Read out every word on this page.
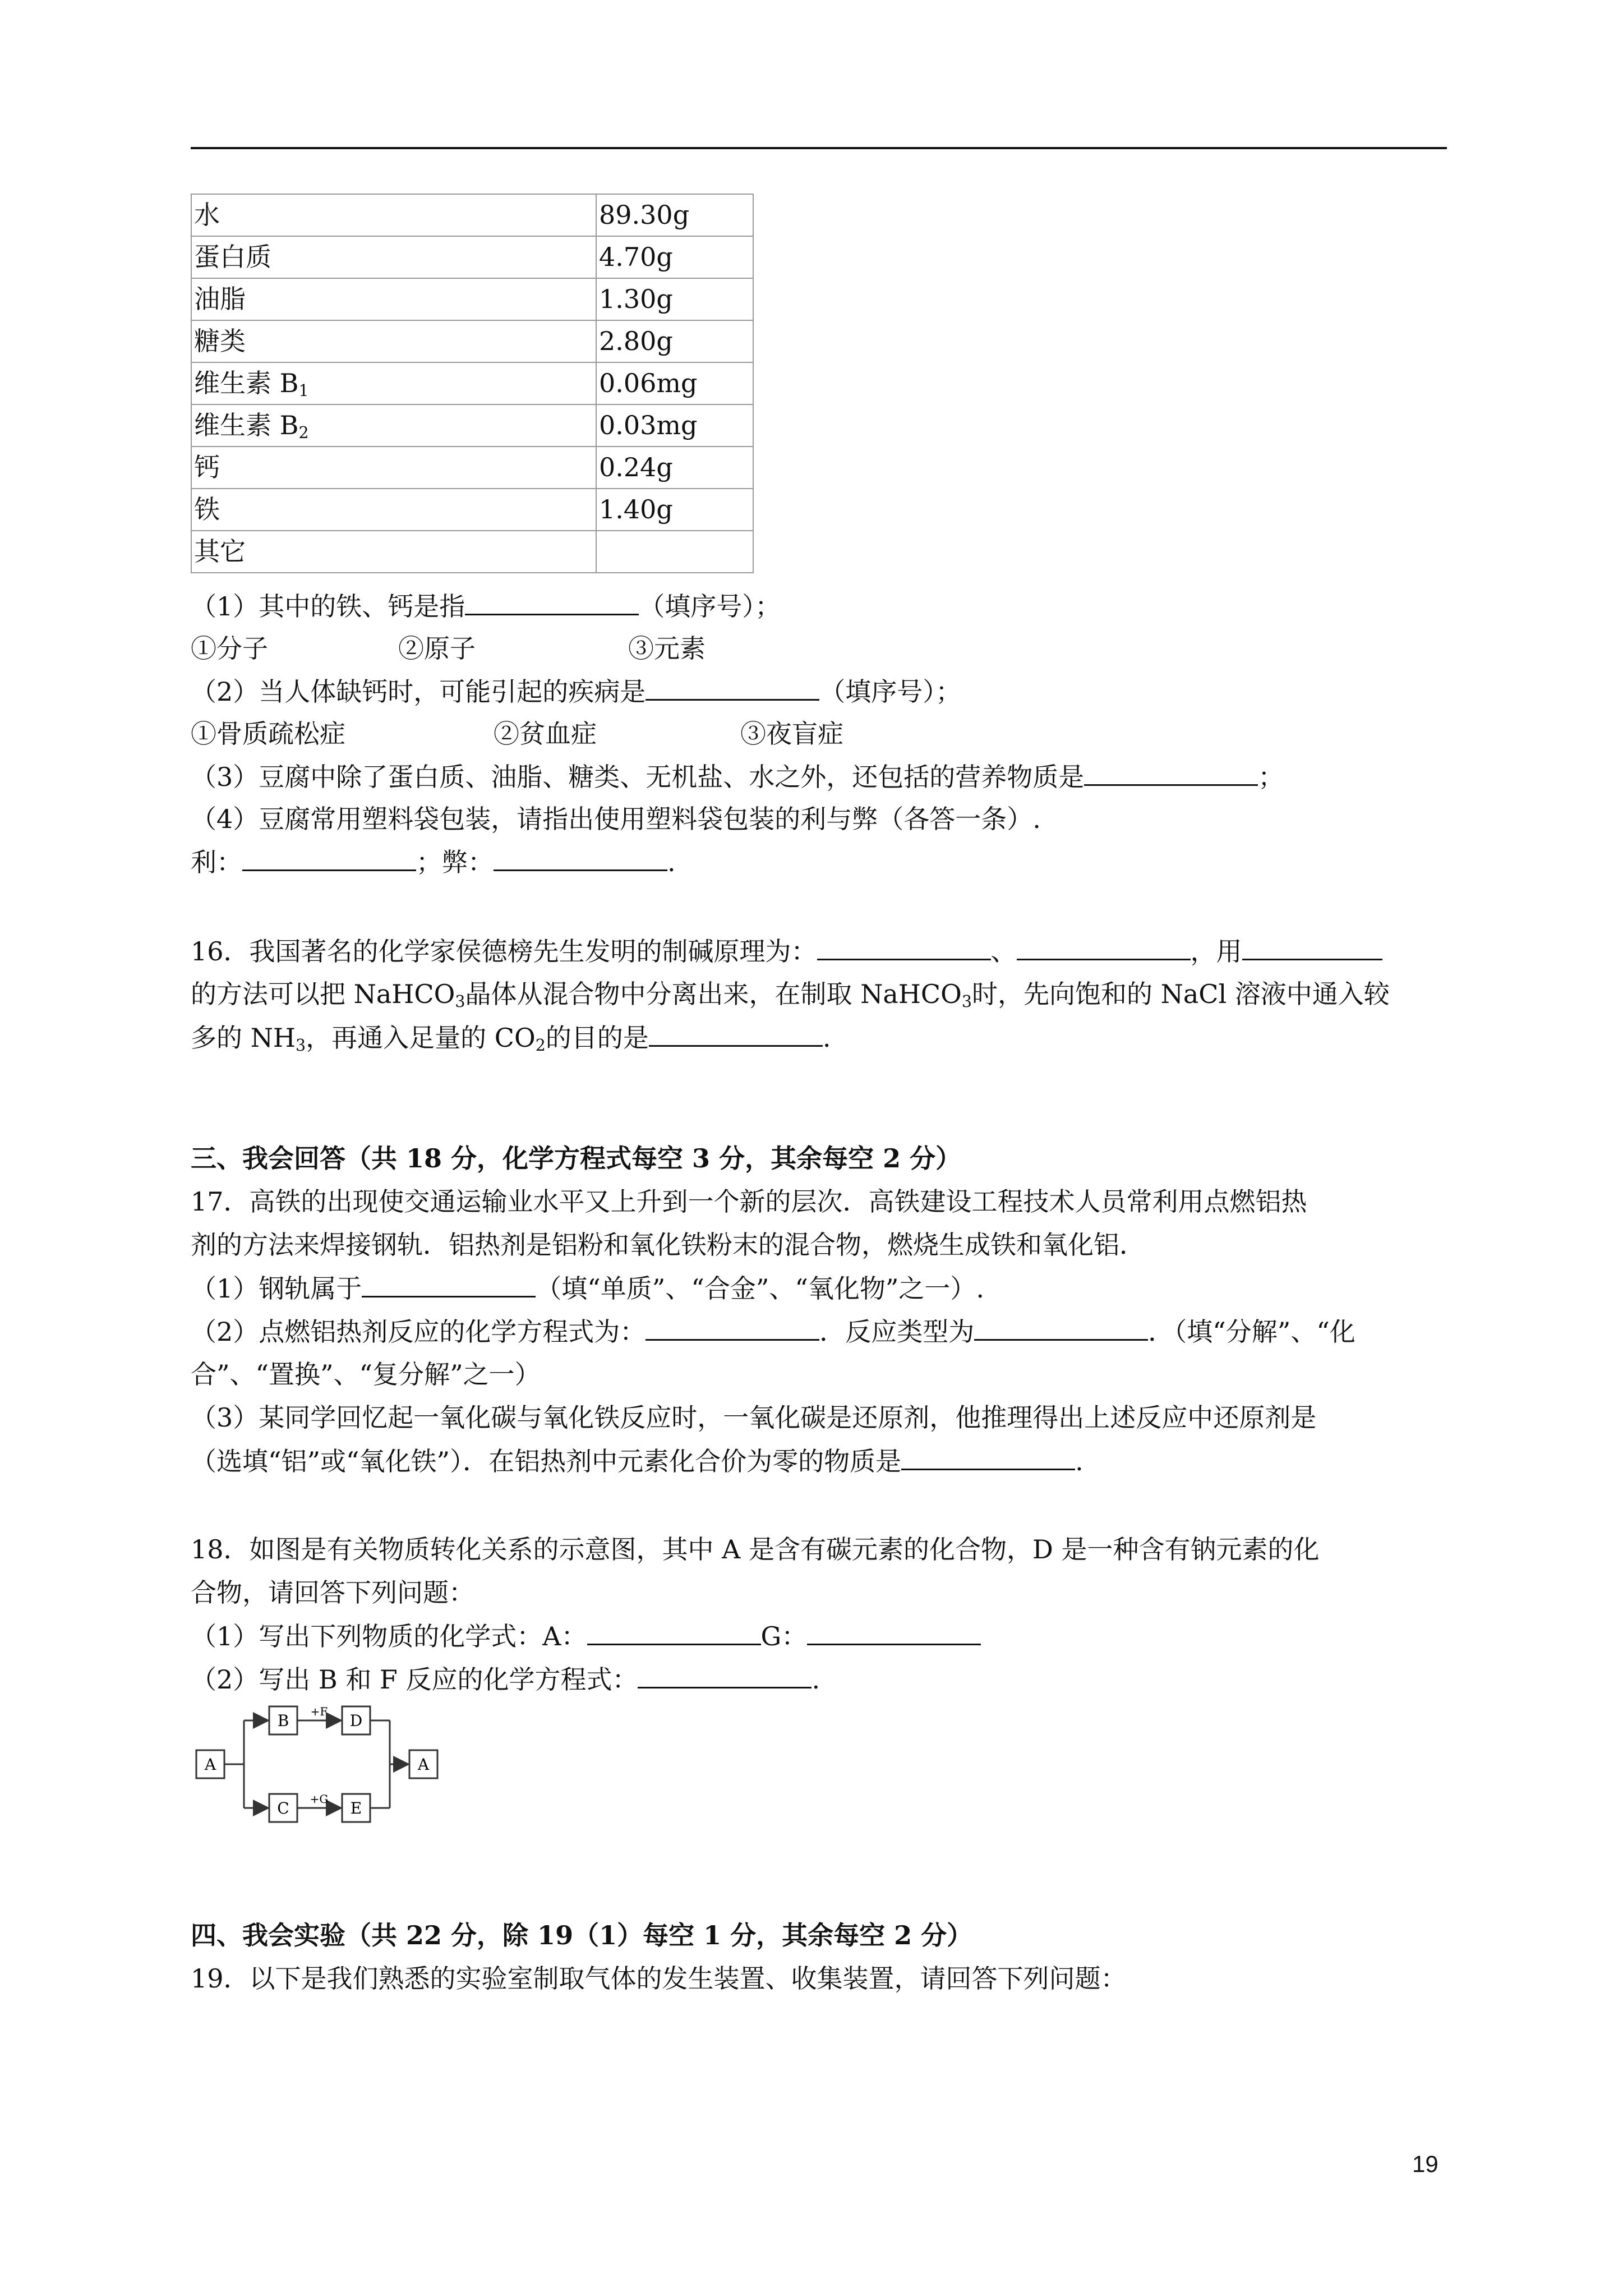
水	89.30g
蛋白质	4.70g
油脂	1.30g
糖类	2.80g
维生素 $B_1$	0.06mg
维生素 $B_2$	0.03mg
钙	0.24g
铁	1.40g
其它	
（1）其中的铁、钙是指	（填序号）；
①分子	②原子	③元素
（2）当人体缺钙时，可能引起的疾病是	（填序号）；
①骨质疏松症	②贫血症	③夜盲症
（3）豆腐中除了蛋白质、油脂、糖类、无机盐、水之外，还包括的营养物质是	；
（4）豆腐常用塑料袋包装，请指出使用塑料袋包装的利与弊（各答一条）.
利：	；弊：	.
16．我国著名的化学家侯德榜先生发明的制碱原理为：	、	，用
的方法可以把 NaHCO$_3$晶体从混合物中分离出来，在制取 NaHCO$_3$时，先向饱和的 NaCl 溶液中通入较
多的 $NH_3$，再通入足量的 $CO_2$的目的是	.
三、我会回答（共 18 分，化学方程式每空 3 分，其余每空 2 分）
17．高铁的出现使交通运输业水平又上升到一个新的层次．高铁建设工程技术人员常利用点燃铝热
剂的方法来焊接钢轨．铝热剂是铝粉和氧化铁粉末的混合物，燃烧生成铁和氧化铝．
（1）钢轨属于	（填“单质”、“合金”、“氧化物”之一）.
（2）点燃铝热剂反应的化学方程式为：	．反应类型为	．（填“分解”、“化
合”、“置换”、“复分解”之一）
（3）某同学回忆起一氧化碳与氧化铁反应时，一氧化碳是还原剂，他推理得出上述反应中还原剂是
（选填“铝”或“氧化铁”）．在铝热剂中元素化合价为零的物质是	.
18．如图是有关物质转化关系的示意图，其中 A 是含有碳元素的化合物，D 是一种含有钠元素的化
合物，请回答下列问题：
（1）写出下列物质的化学式：A：	G：
（2）写出 B 和 F 反应的化学方程式：	.
A
B	D
C	E
A
+F
+G
四、我会实验（共 22 分，除 19（1）每空 1 分，其余每空 2 分）
19．以下是我们熟悉的实验室制取气体的发生装置、收集装置，请回答下列问题：
19
